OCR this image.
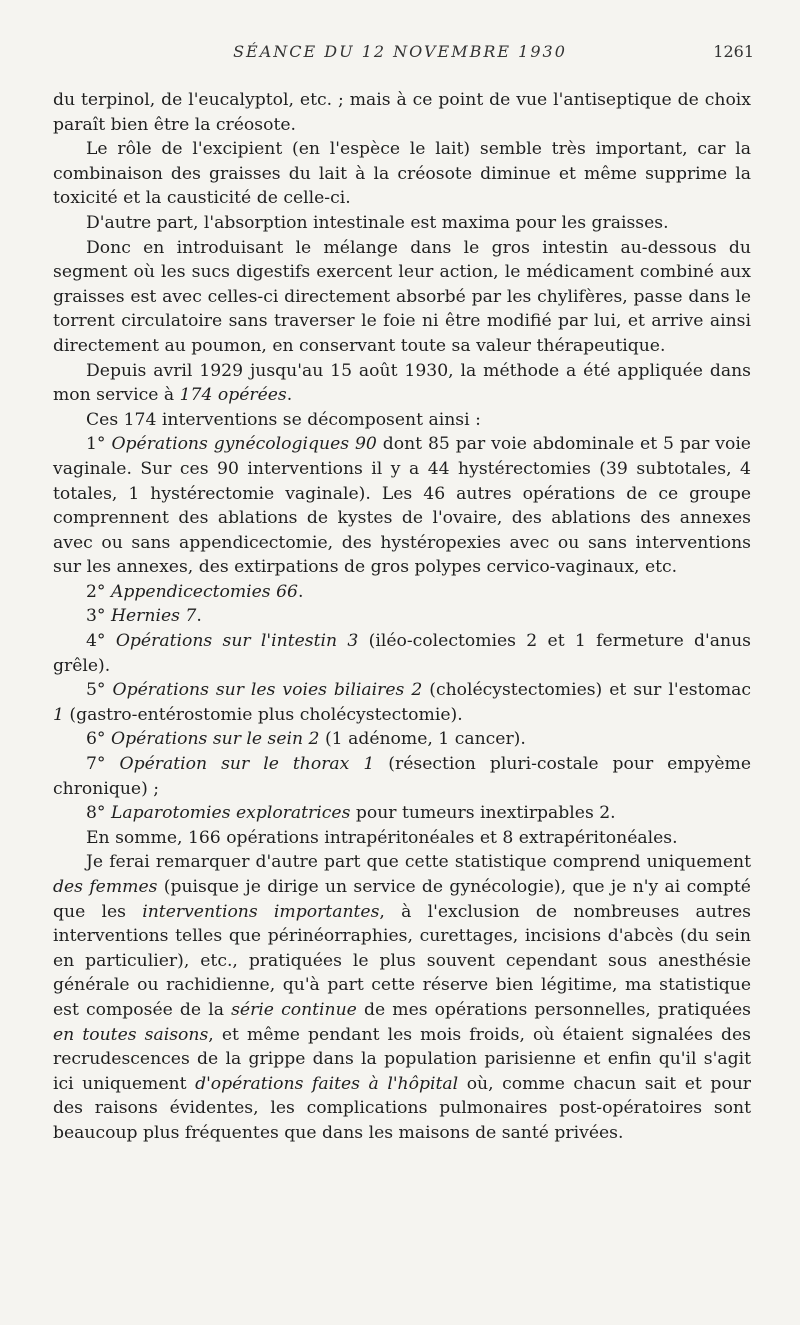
SÉANCE DU 12 NOVEMBRE 1930	1261

du terpinol, de l'eucalyptol, etc. ; mais à ce point de vue l'antiseptique de choix paraît bien être la créosote.

Le rôle de l'excipient (en l'espèce le lait) semble très important, car la combinaison des graisses du lait à la créosote diminue et même supprime la toxicité et la causticité de celle-ci.

D'autre part, l'absorption intestinale est maxima pour les graisses.

Donc en introduisant le mélange dans le gros intestin au-dessous du segment où les sucs digestifs exercent leur action, le médicament combiné aux graisses est avec celles-ci directement absorbé par les chylifères, passe dans le torrent circulatoire sans traverser le foie ni être modifié par lui, et arrive ainsi directement au poumon, en conservant toute sa valeur thérapeutique.

Depuis avril 1929 jusqu'au 15 août 1930, la méthode a été appliquée dans mon service à 174 opérées.

Ces 174 interventions se décomposent ainsi :

1° Opérations gynécologiques 90 dont 85 par voie abdominale et 5 par voie vaginale. Sur ces 90 interventions il y a 44 hystérectomies (39 subtotales, 4 totales, 1 hystérectomie vaginale). Les 46 autres opérations de ce groupe comprennent des ablations de kystes de l'ovaire, des ablations des annexes avec ou sans appendicectomie, des hystéropexies avec ou sans interventions sur les annexes, des extirpations de gros polypes cervico-vaginaux, etc.

2° Appendicectomies 66.

3° Hernies 7.

4° Opérations sur l'intestin 3 (iléo-colectomies 2 et 1 fermeture d'anus grêle).

5° Opérations sur les voies biliaires 2 (cholécystectomies) et sur l'estomac 1 (gastro-entérostomie plus cholécystectomie).

6° Opérations sur le sein 2 (1 adénome, 1 cancer).

7° Opération sur le thorax 1 (résection pluri-costale pour empyème chronique) ;

8° Laparotomies exploratrices pour tumeurs inextirpables 2.

En somme, 166 opérations intrapéritonéales et 8 extrapéritonéales.

Je ferai remarquer d'autre part que cette statistique comprend uniquement des femmes (puisque je dirige un service de gynécologie), que je n'y ai compté que les interventions importantes, à l'exclusion de nombreuses autres interventions telles que périnéorraphies, curettages, incisions d'abcès (du sein en particulier), etc., pratiquées le plus souvent cependant sous anesthésie générale ou rachidienne, qu'à part cette réserve bien légitime, ma statistique est composée de la série continue de mes opérations personnelles, pratiquées en toutes saisons, et même pendant les mois froids, où étaient signalées des recrudescences de la grippe dans la population parisienne et enfin qu'il s'agit ici uniquement d'opérations faites à l'hôpital où, comme chacun sait et pour des raisons évidentes, les complications pulmonaires post-opératoires sont beaucoup plus fréquentes que dans les maisons de santé privées.
